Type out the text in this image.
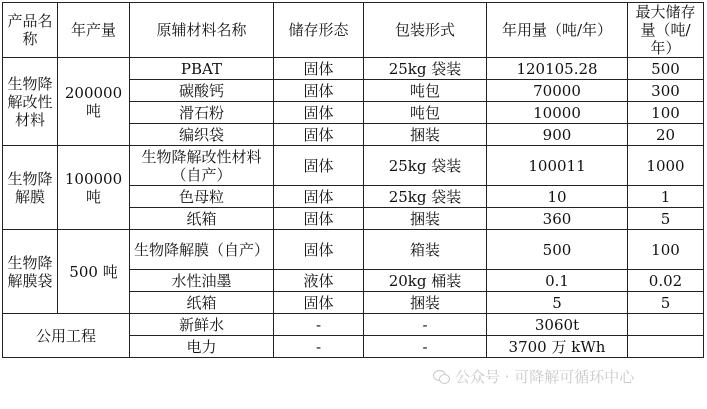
产品名称	年产量	原辅材料名称	储存形态	包装形式	年用量（吨/年）	最大储存量（吨/年）
生物降解改性材料	200000吨	PBAT	固体	25kg 袋装	120105.28	500
		碳酸钙	固体	吨包	70000	300
		滑石粉	固体	吨包	10000	100
		编织袋	固体	捆装	900	20
生物降解膜	100000吨	生物降解改性材料（自产）	固体	25kg 袋装	100011	1000
		色母粒	固体	25kg 袋装	10	1
		纸箱	固体	捆装	360	5
生物降解膜袋	500 吨	生物降解膜（自产）	固体	箱装	500	100
		水性油墨	液体	20kg 桶装	0.1	0.02
		纸箱	固体	捆装	5	5
公用工程		新鲜水	-	-	3060t	
		电力	-	-	3700 万 kWh	
公众号 · 可降解可循环中心
